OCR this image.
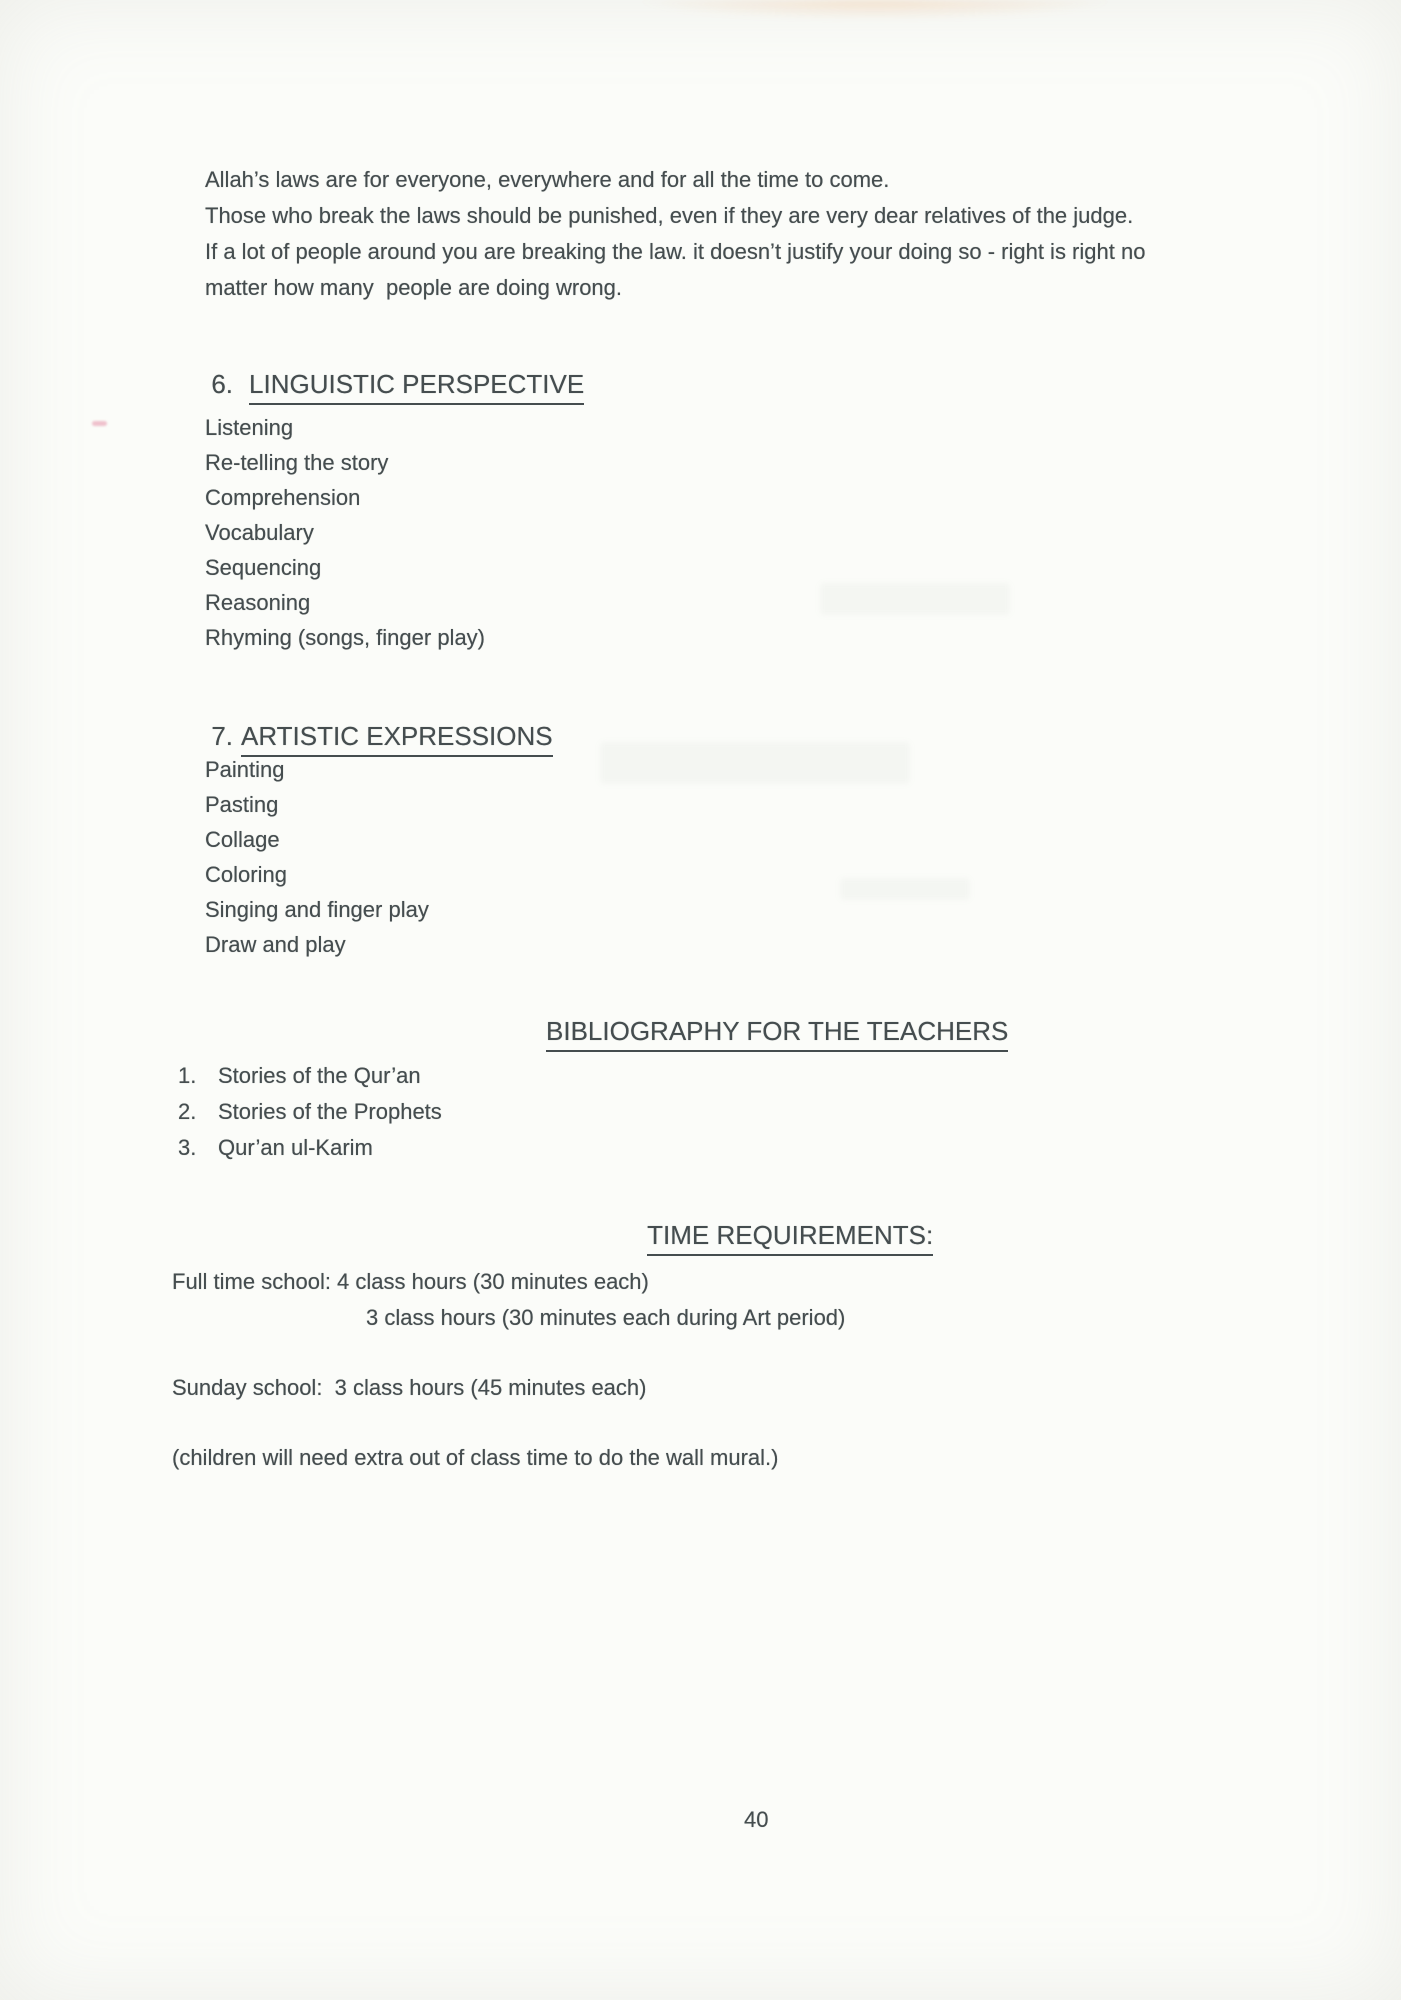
Allah’s laws are for everyone, everywhere and for all the time to come.
Those who break the laws should be punished, even if they are very dear relatives of the judge.
If a lot of people around you are breaking the law. it doesn’t justify your doing so - right is right no
matter how many  people are doing wrong.

6. LINGUISTIC PERSPECTIVE

Listening
Re-telling the story
Comprehension
Vocabulary
Sequencing
Reasoning
Rhyming (songs, finger play)

7. ARTISTIC EXPRESSIONS

Painting
Pasting
Collage
Coloring
Singing and finger play
Draw and play

BIBLIOGRAPHY FOR THE TEACHERS

1. Stories of the Qur’an
2. Stories of the Prophets
3. Qur’an ul-Karim

TIME REQUIREMENTS:

Full time school: 4 class hours (30 minutes each)
3 class hours (30 minutes each during Art period)
Sunday school:  3 class hours (45 minutes each)
(children will need extra out of class time to do the wall mural.)
40
